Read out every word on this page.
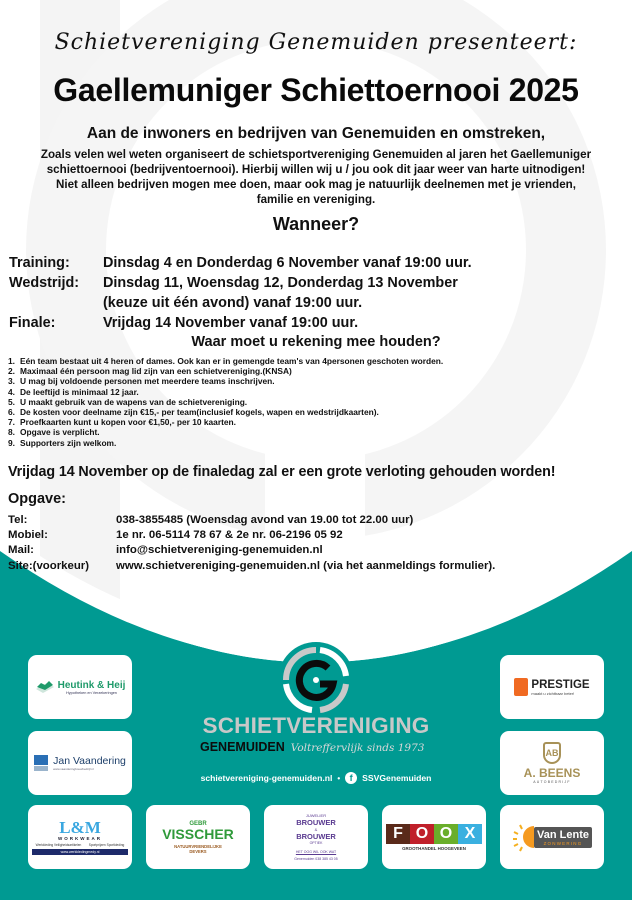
Schietvereniging Genemuiden presenteert:
Gaellemuniger Schiettoernooi 2025
Aan de inwoners en bedrijven van Genemuiden en omstreken,
Zoals velen wel weten organiseert de schietsportvereniging Genemuiden al jaren het Gaellemuniger
schiettoernooi (bedrijventoernooi). Hierbij willen wij u / jou ook dit jaar weer van harte uitnodigen!
Niet alleen bedrijven mogen mee doen, maar ook mag je natuurlijk deelnemen met je vrienden,
familie en vereniging.
Wanneer?
Training:	Dinsdag 4 en Donderdag 6 November vanaf 19:00 uur.
Wedstrijd:	Dinsdag 11, Woensdag 12, Donderdag 13 November
(keuze uit één avond) vanaf 19:00 uur.
Finale:	Vrijdag 14 November vanaf 19:00 uur.
Waar moet u rekening mee houden?
1. Eén team bestaat uit 4 heren of dames. Ook kan er in gemengde team's van 4personen geschoten worden.
2. Maximaal één persoon mag lid zijn van een schietvereniging.(KNSA)
3. U mag bij voldoende personen met meerdere teams inschrijven.
4. De leeftijd is minimaal 12 jaar.
5. U maakt gebruik van de wapens van de schietvereniging.
6. De kosten voor deelname zijn €15,- per team(inclusief kogels, wapen en wedstrijdkaarten).
7. Proefkaarten kunt u kopen voor €1,50,- per 10 kaarten.
8. Opgave is verplicht.
9. Supporters zijn welkom.
Vrijdag 14 November op de finaledag zal er een grote verloting gehouden worden!
Opgave:
Tel:	038-3855485 (Woensdag avond van 19.00 tot 22.00 uur)
Mobiel:	1e nr. 06-5114 78 67 & 2e nr. 06-2196 05 92
Mail:	info@schietvereniging-genemuiden.nl
Site:(voorkeur)	www.schietvereniging-genemuiden.nl (via het aanmeldings formulier).
SCHIETVERENIGING
GENEMUIDEN Voltreffervlijk sinds 1973
schietvereniging-genemuiden.nl •	f	SSVGenemuiden
Heutink & Heij
Hypotheken en Verzekeringen
Jan Vaandering
www.vaanderingbouwbedrijf.nl
PRESTIGE
maakt u zichtbaar beter!
AB
A. BEENS
AUTOBEDRIJF
L&M
WORKWEAR
Werkkleding Veiligheidsartikelen Sportprijzen Sportkleding
www.werkkledingmedy.nl
GEBR
VISSCHER
NATUURVRIENDELIJKE
DEVERS
JUWELIER
BROUWER
&
BROUWER
OPTIEK
HET OOG WIL OOK WAT
Genemuiden 038 385 43 05
F O O X
GROOTHANDEL HOOGEVEEN
Van Lente
ZONWERING
